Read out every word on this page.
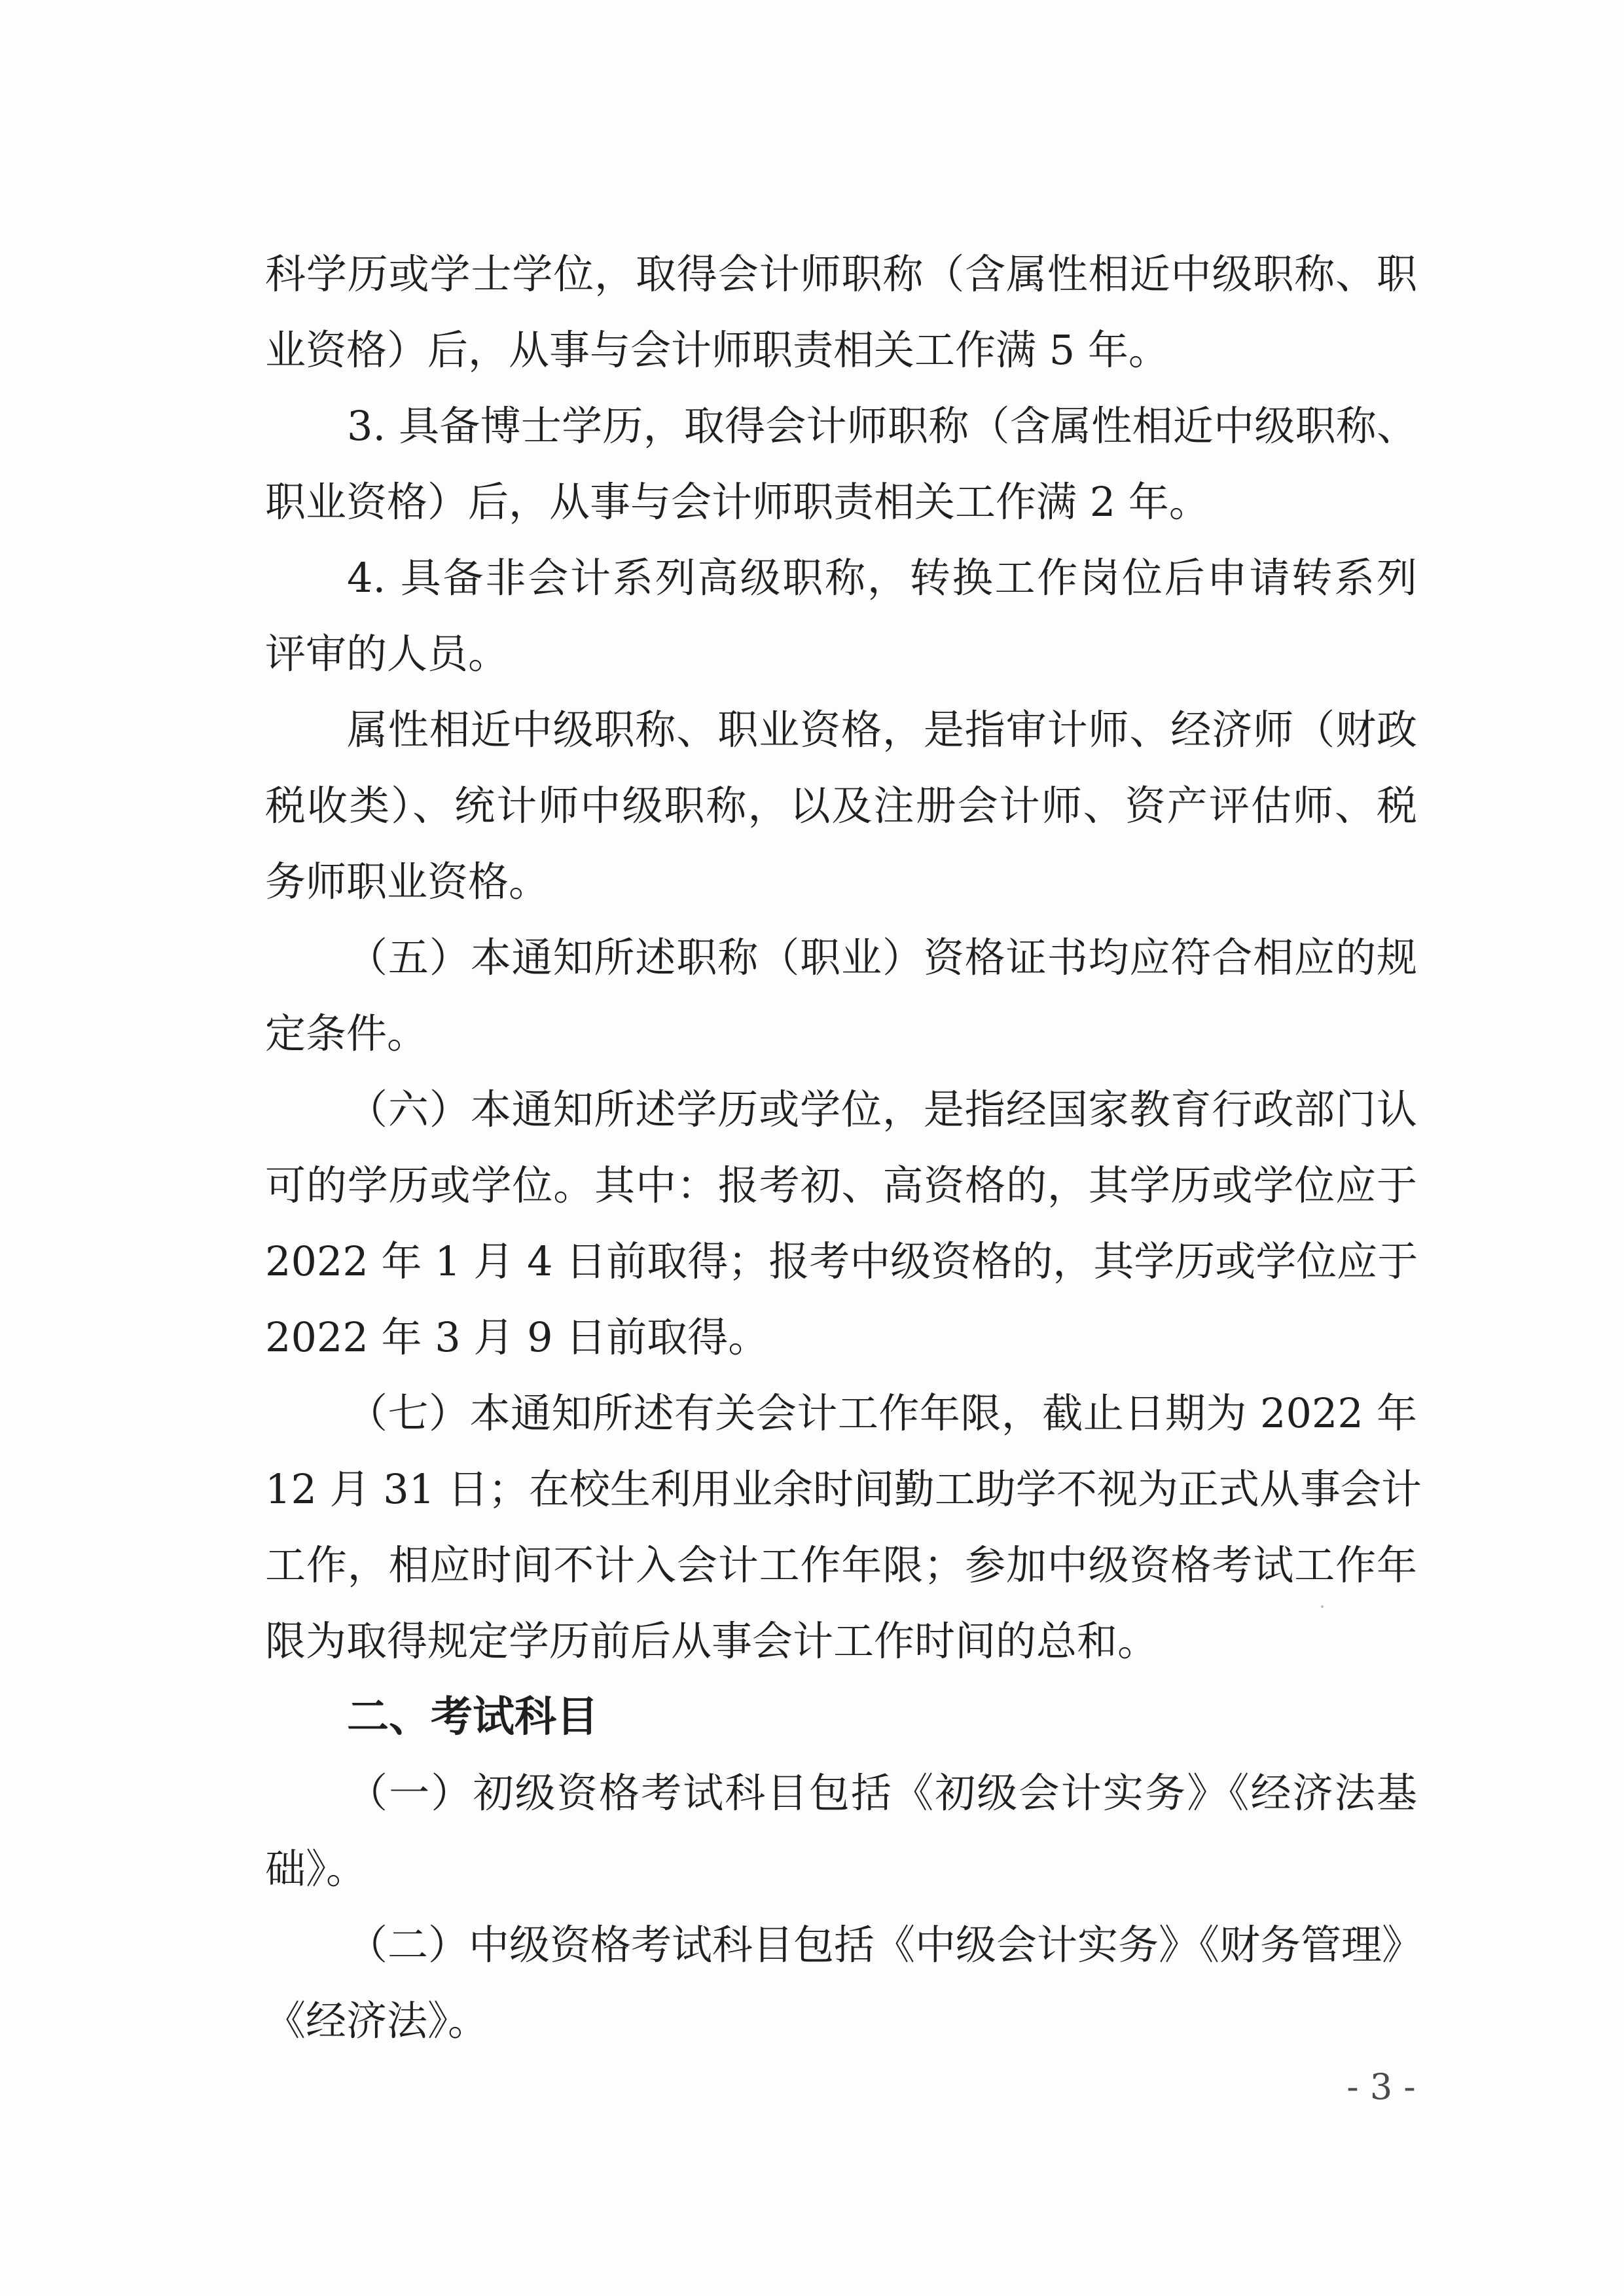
科学历或学士学位，取得会计师职称（含属性相近中级职称、职
业资格）后，从事与会计师职责相关工作满 5 年。
3. 具备博士学历，取得会计师职称（含属性相近中级职称、
职业资格）后，从事与会计师职责相关工作满 2 年。
4. 具备非会计系列高级职称，转换工作岗位后申请转系列
评审的人员。
属性相近中级职称、职业资格，是指审计师、经济师（财政
税收类）、统计师中级职称，以及注册会计师、资产评估师、税
务师职业资格。
（五）本通知所述职称（职业）资格证书均应符合相应的规
定条件。
（六）本通知所述学历或学位，是指经国家教育行政部门认
可的学历或学位。其中：报考初、高资格的，其学历或学位应于
2022 年 1 月 4 日前取得；报考中级资格的，其学历或学位应于
2022 年 3 月 9 日前取得。
（七）本通知所述有关会计工作年限，截止日期为 2022 年
12 月 31 日；在校生利用业余时间勤工助学不视为正式从事会计
工作，相应时间不计入会计工作年限；参加中级资格考试工作年
限为取得规定学历前后从事会计工作时间的总和。
二、考试科目
（一）初级资格考试科目包括《初级会计实务》《经济法基
础》。
（二）中级资格考试科目包括《中级会计实务》《财务管理》
《经济法》。
- 3 -
